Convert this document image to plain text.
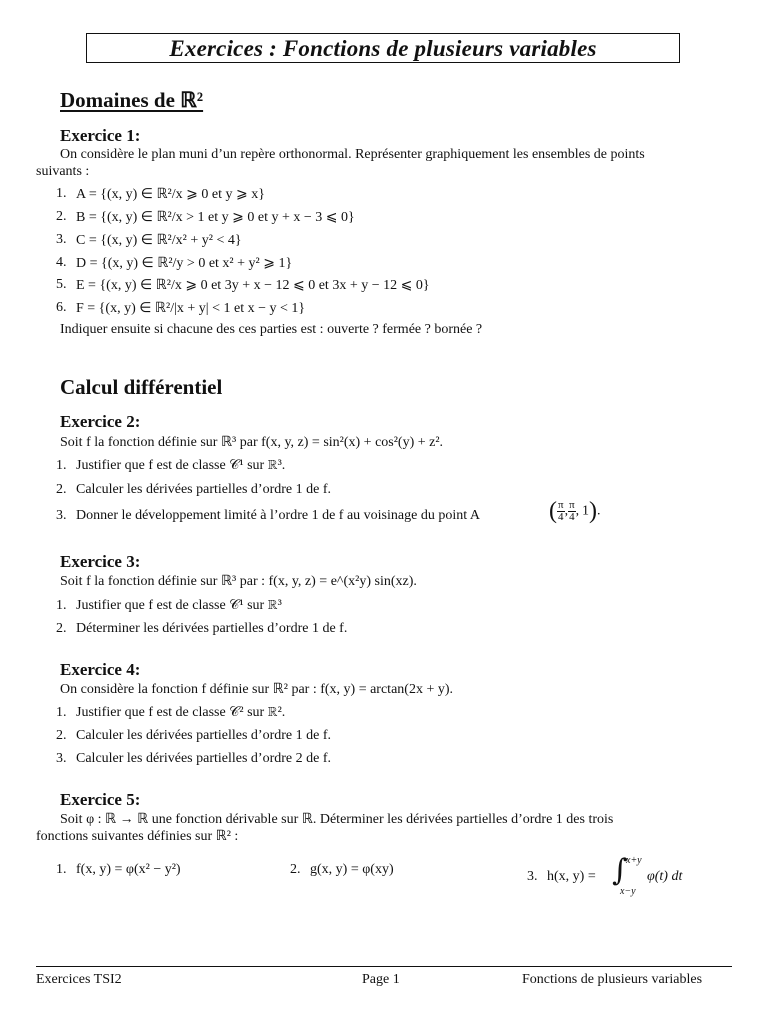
Exercices : Fonctions de plusieurs variables
Domaines de ℝ²
Exercice 1:
On considère le plan muni d’un repère orthonormal. Représenter graphiquement les ensembles de points
suivants :
1. A = {(x, y) ∈ ℝ²/x ⩾ 0 et y ⩾ x}
2. B = {(x, y) ∈ ℝ²/x > 1 et y ⩾ 0 et y + x − 3 ⩽ 0}
3. C = {(x, y) ∈ ℝ²/x² + y² < 4}
4. D = {(x, y) ∈ ℝ²/y > 0 et x² + y² ⩾ 1}
5. E = {(x, y) ∈ ℝ²/x ⩾ 0 et 3y + x − 12 ⩽ 0 et 3x + y − 12 ⩽ 0}
6. F = {(x, y) ∈ ℝ²/|x + y| < 1 et x − y < 1}
Indiquer ensuite si chacune des ces parties est : ouverte ? fermée ? bornée ?
Calcul différentiel
Exercice 2:
Soit f la fonction définie sur ℝ³ par f(x, y, z) = sin²(x) + cos²(y) + z².
1. Justifier que f est de classe 𝒞¹ sur ℝ³.
2. Calculer les dérivées partielles d’ordre 1 de f.
3. Donner le développement limité à l’ordre 1 de f au voisinage du point A	( $\frac{\pi}{4}$ , $\frac{\pi}{4}$ , 1).
Exercice 3:
Soit f la fonction définie sur ℝ³ par : f(x, y, z) = e^(x²y) sin(xz).
1. Justifier que f est de classe 𝒞¹ sur ℝ³
2. Déterminer les dérivées partielles d’ordre 1 de f.
Exercice 4:
On considère la fonction f définie sur ℝ² par : f(x, y) = arctan(2x + y).
1. Justifier que f est de classe 𝒞² sur ℝ².
2. Calculer les dérivées partielles d’ordre 1 de f.
3. Calculer les dérivées partielles d’ordre 2 de f.
Exercice 5:
Soit φ : ℝ → ℝ une fonction dérivable sur ℝ. Déterminer les dérivées partielles d’ordre 1 des trois
fonctions suivantes définies sur ℝ² :
1. f(x, y) = φ(x² − y²)	2. g(x, y) = φ(xy)	3. h(x, y) = ∫
x+y
x−y
φ(t) dt
Exercices TSI2	Page 1	Fonctions de plusieurs variables
